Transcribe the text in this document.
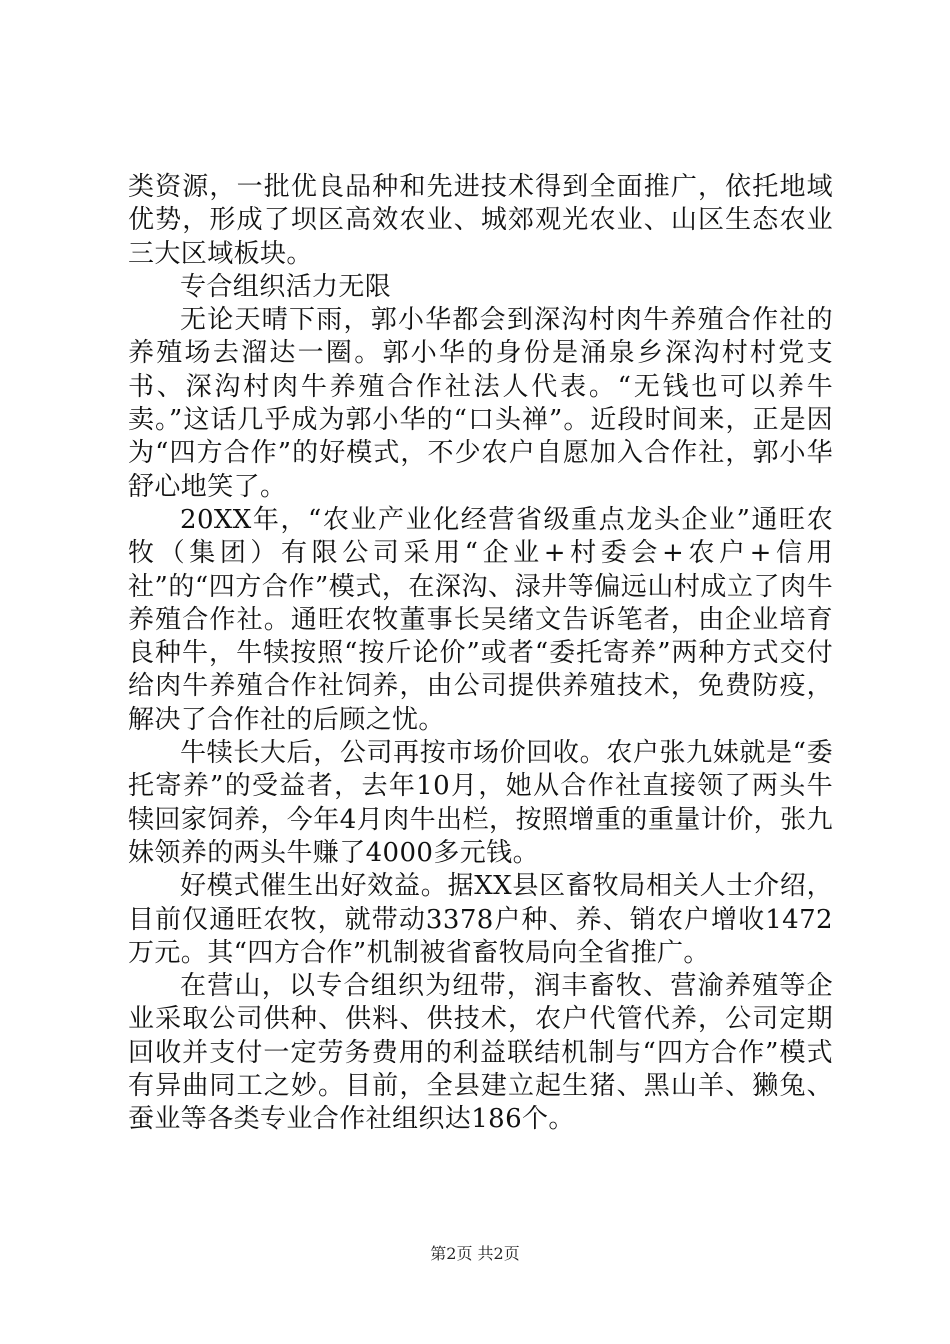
类资源，一批优良品种和先进技术得到全面推广，依托地域优势，形成了坝区高效农业、城郊观光农业、山区生态农业三大区域板块。

专合组织活力无限

无论天晴下雨，郭小华都会到深沟村肉牛养殖合作社的养殖场去溜达一圈。郭小华的身份是涌泉乡深沟村村党支书、深沟村肉牛养殖合作社法人代表。“无钱也可以养牛卖。”这话几乎成为郭小华的“口头禅”。近段时间来，正是因为“四方合作”的好模式，不少农户自愿加入合作社，郭小华舒心地笑了。

20XX年，“农业产业化经营省级重点龙头企业”通旺农牧（集团）有限公司采用“企业+村委会+农户+信用社”的“四方合作”模式，在深沟、渌井等偏远山村成立了肉牛养殖合作社。通旺农牧董事长吴绪文告诉笔者，由企业培育良种牛，牛犊按照“按斤论价”或者“委托寄养”两种方式交付给肉牛养殖合作社饲养，由公司提供养殖技术，免费防疫，解决了合作社的后顾之忧。

牛犊长大后，公司再按市场价回收。农户张九妹就是“委托寄养”的受益者，去年10月，她从合作社直接领了两头牛犊回家饲养，今年4月肉牛出栏，按照增重的重量计价，张九妹领养的两头牛赚了4000多元钱。

好模式催生出好效益。据XX县区畜牧局相关人士介绍，目前仅通旺农牧，就带动3378户种、养、销农户增收1472万元。其“四方合作”机制被省畜牧局向全省推广。

在营山，以专合组织为纽带，润丰畜牧、营渝养殖等企业采取公司供种、供料、供技术，农户代管代养，公司定期回收并支付一定劳务费用的利益联结机制与“四方合作”模式有异曲同工之妙。目前，全县建立起生猪、黑山羊、獭兔、蚕业等各类专业合作社组织达186个。

第2页 共2页
